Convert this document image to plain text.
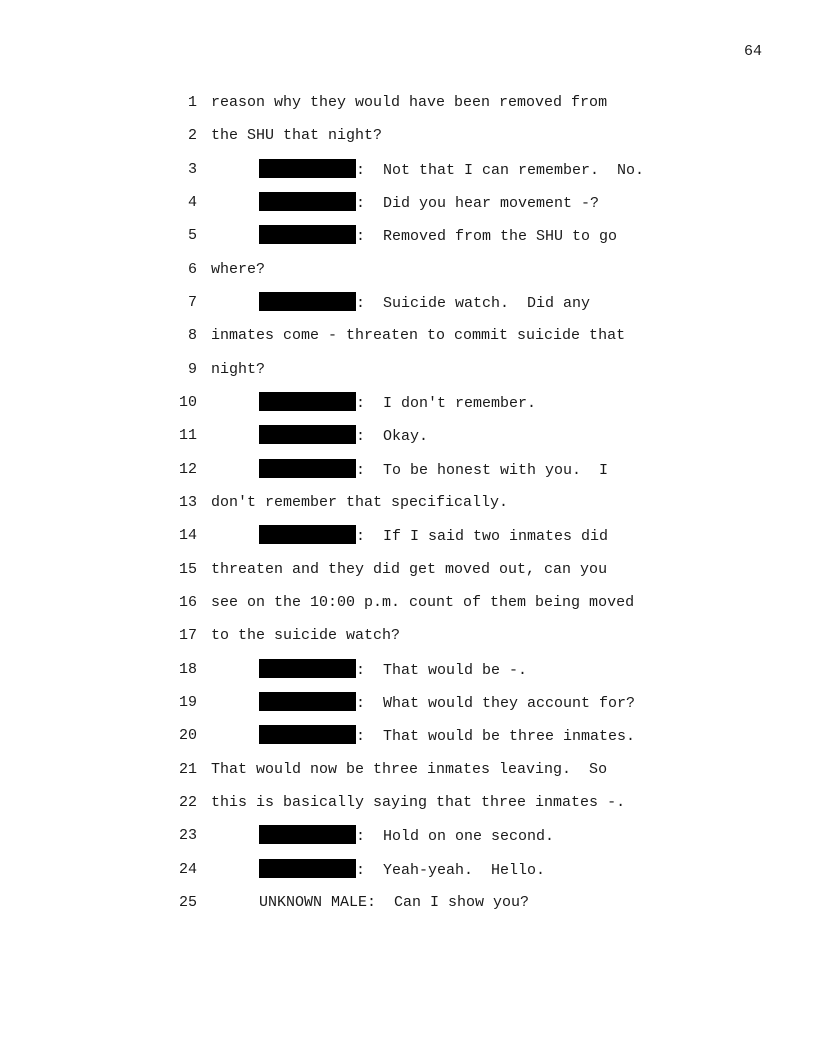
64
1 reason why they would have been removed from
2 the SHU that night?
3	:  Not that I can remember.  No.
4	:  Did you hear movement -?
5	:  Removed from the SHU to go
6 where?
7	:  Suicide watch.  Did any
8 inmates come - threaten to commit suicide that
9 night?
10	:  I don't remember.
11	:  Okay.
12	:  To be honest with you.  I
13 don't remember that specifically.
14	:  If I said two inmates did
15 threaten and they did get moved out, can you
16 see on the 10:00 p.m. count of them being moved
17 to the suicide watch?
18	:  That would be -.
19	:  What would they account for?
20	:  That would be three inmates.
21 That would now be three inmates leaving.  So
22 this is basically saying that three inmates -.
23	:  Hold on one second.
24	:  Yeah-yeah.  Hello.
25	UNKNOWN MALE:  Can I show you?
